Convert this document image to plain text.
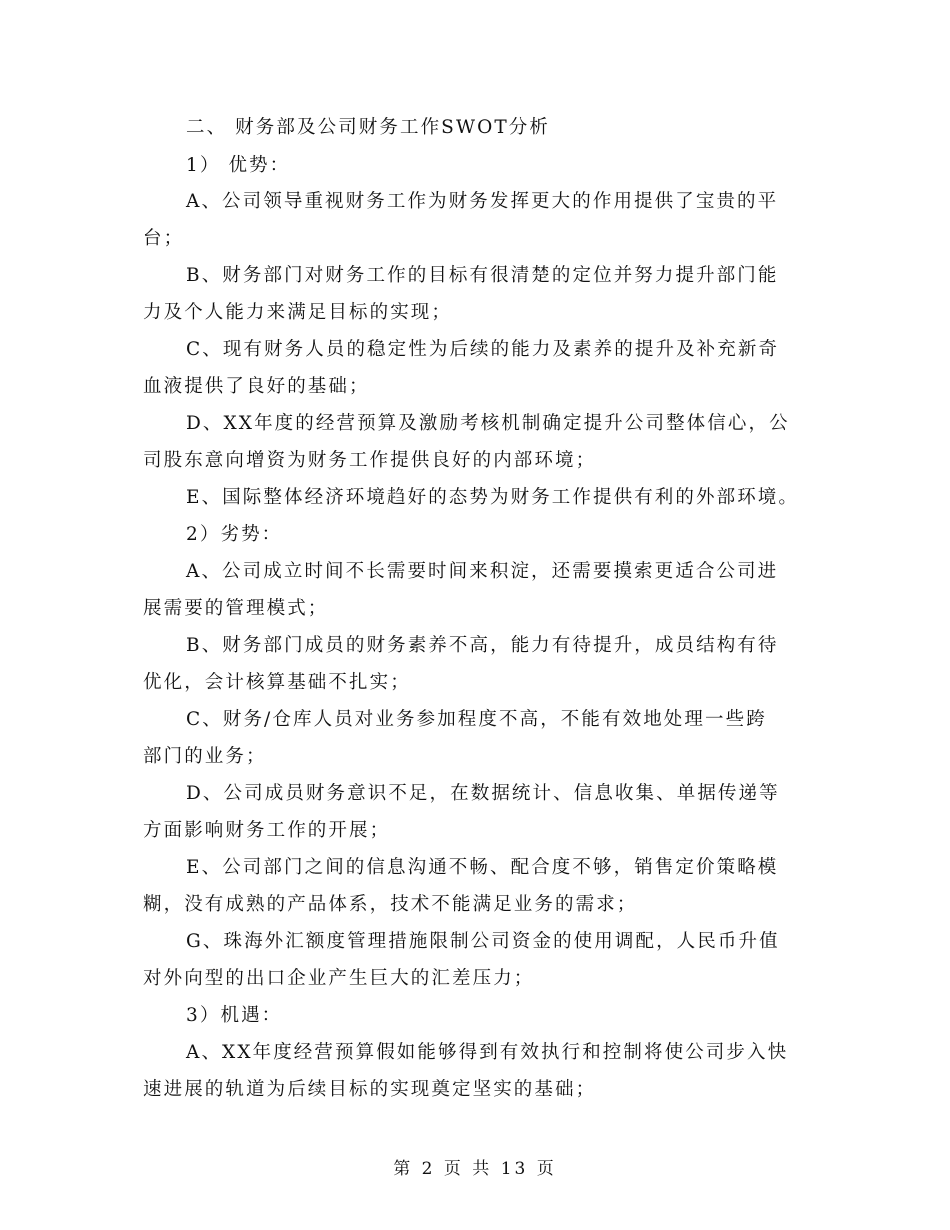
二、 财务部及公司财务工作SWOT分析
1） 优势：
A、公司领导重视财务工作为财务发挥更大的作用提供了宝贵的平
台；
B、财务部门对财务工作的目标有很清楚的定位并努力提升部门能
力及个人能力来满足目标的实现；
C、现有财务人员的稳定性为后续的能力及素养的提升及补充新奇
血液提供了良好的基础；
D、XX年度的经营预算及激励考核机制确定提升公司整体信心，公
司股东意向增资为财务工作提供良好的内部环境；
E、国际整体经济环境趋好的态势为财务工作提供有利的外部环境。
2）劣势：
A、公司成立时间不长需要时间来积淀，还需要摸索更适合公司进
展需要的管理模式；
B、财务部门成员的财务素养不高，能力有待提升，成员结构有待
优化，会计核算基础不扎实；
C、财务/仓库人员对业务参加程度不高，不能有效地处理一些跨
部门的业务；
D、公司成员财务意识不足，在数据统计、信息收集、单据传递等
方面影响财务工作的开展；
E、公司部门之间的信息沟通不畅、配合度不够，销售定价策略模
糊，没有成熟的产品体系，技术不能满足业务的需求；
G、珠海外汇额度管理措施限制公司资金的使用调配，人民币升值
对外向型的出口企业产生巨大的汇差压力；
3）机遇：
A、XX年度经营预算假如能够得到有效执行和控制将使公司步入快
速进展的轨道为后续目标的实现奠定坚实的基础；
第 2 页 共 13 页
